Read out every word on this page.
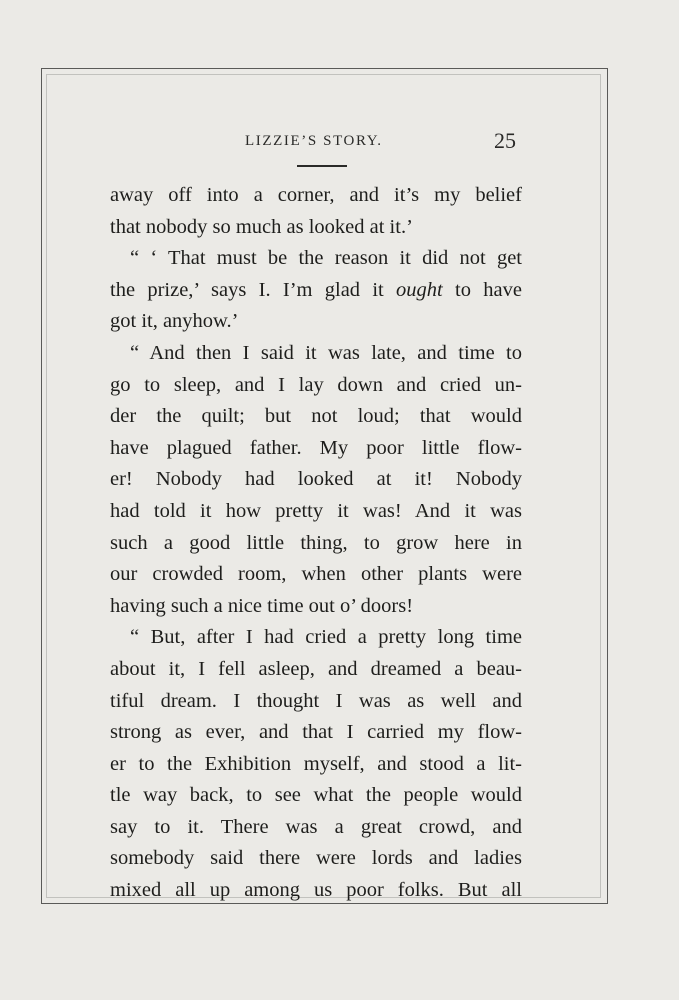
LIZZIE’S STORY.	25
away off into a corner, and it’s my belief
that nobody so much as looked at it.’
“ ‘ That must be the reason it did not get
the prize,’ says I. I’m glad it ought to have
got it, anyhow.’
“ And then I said it was late, and time to
go to sleep, and I lay down and cried un-
der the quilt; but not loud; that would
have plagued father. My poor little flow-
er! Nobody had looked at it! Nobody
had told it how pretty it was! And it was
such a good little thing, to grow here in
our crowded room, when other plants were
having such a nice time out o’ doors!
“ But, after I had cried a pretty long time
about it, I fell asleep, and dreamed a beau-
tiful dream. I thought I was as well and
strong as ever, and that I carried my flow-
er to the Exhibition myself, and stood a lit-
tle way back, to see what the people would
say to it. There was a great crowd, and
somebody said there were lords and ladies
mixed all up among us poor folks. But all
